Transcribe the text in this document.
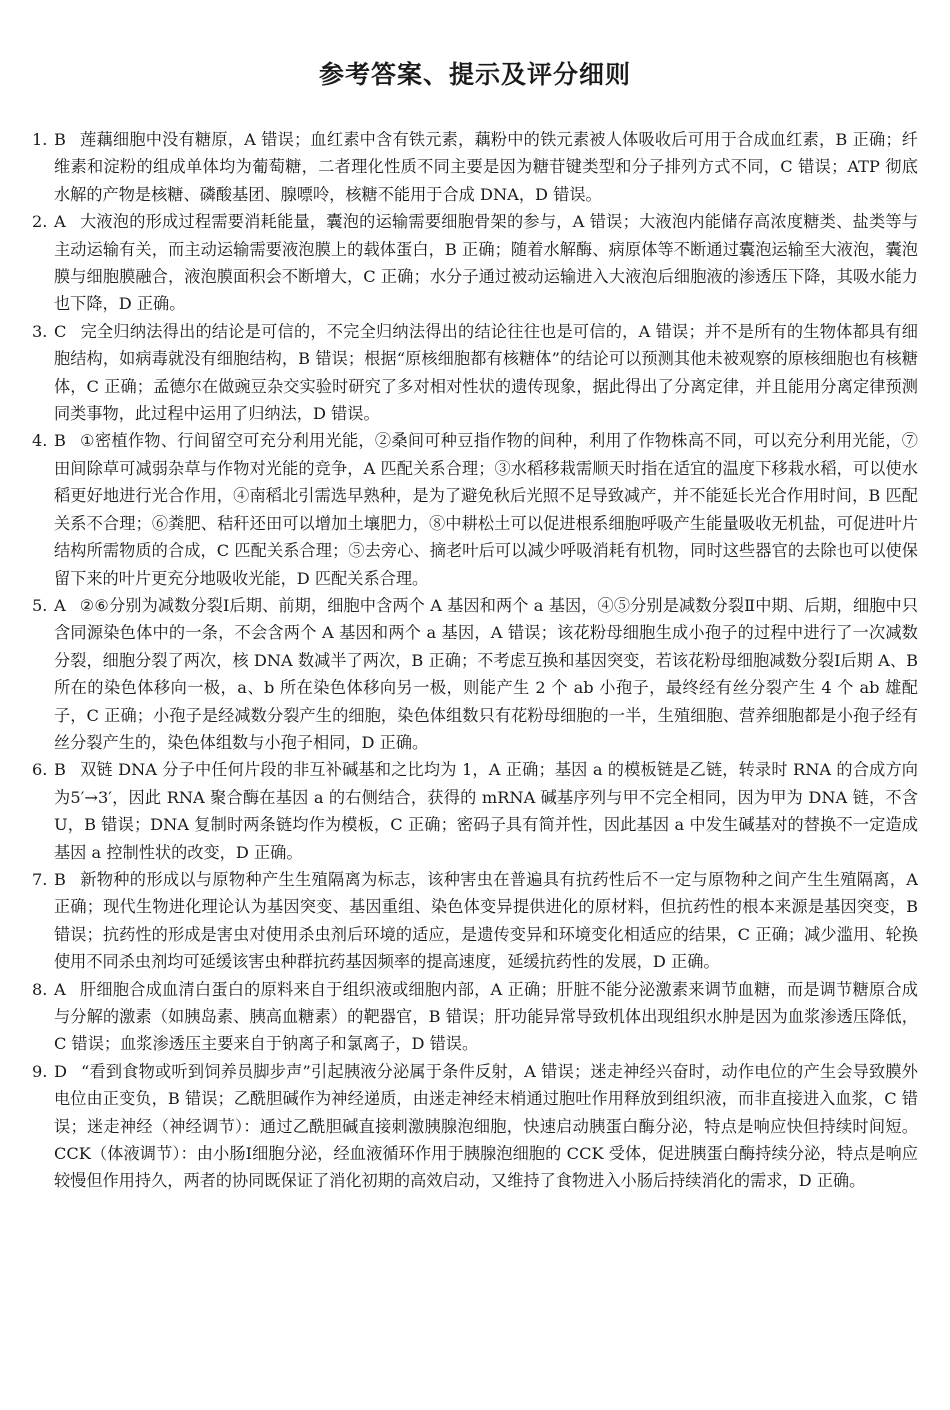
参考答案、提示及评分细则
1. B 莲藕细胞中没有糖原，A 错误；血红素中含有铁元素，藕粉中的铁元素被人体吸收后可用于合成血红素，B 正确；纤维素和淀粉的组成单体均为葡萄糖，二者理化性质不同主要是因为糖苷键类型和分子排列方式不同，C 错误；ATP 彻底水解的产物是核糖、磷酸基团、腺嘌呤，核糖不能用于合成 DNA，D 错误。
2. A 大液泡的形成过程需要消耗能量，囊泡的运输需要细胞骨架的参与，A 错误；大液泡内能储存高浓度糖类、盐类等与主动运输有关，而主动运输需要液泡膜上的载体蛋白，B 正确；随着水解酶、病原体等不断通过囊泡运输至大液泡，囊泡膜与细胞膜融合，液泡膜面积会不断增大，C 正确；水分子通过被动运输进入大液泡后细胞液的渗透压下降，其吸水能力也下降，D 正确。
3. C 完全归纳法得出的结论是可信的，不完全归纳法得出的结论往往也是可信的，A 错误；并不是所有的生物体都具有细胞结构，如病毒就没有细胞结构，B 错误；根据“原核细胞都有核糖体”的结论可以预测其他未被观察的原核细胞也有核糖体，C 正确；孟德尔在做豌豆杂交实验时研究了多对相对性状的遗传现象，据此得出了分离定律，并且能用分离定律预测同类事物，此过程中运用了归纳法，D 错误。
4. B ①密植作物、行间留空可充分利用光能，②桑间可种豆指作物的间种，利用了作物株高不同，可以充分利用光能，⑦田间除草可减弱杂草与作物对光能的竞争，A 匹配关系合理；③水稻移栽需顺天时指在适宜的温度下移栽水稻，可以使水稻更好地进行光合作用，④南稻北引需选早熟种，是为了避免秋后光照不足导致减产，并不能延长光合作用时间，B 匹配关系不合理；⑥粪肥、秸秆还田可以增加土壤肥力，⑧中耕松土可以促进根系细胞呼吸产生能量吸收无机盐，可促进叶片结构所需物质的合成，C 匹配关系合理；⑤去旁心、摘老叶后可以减少呼吸消耗有机物，同时这些器官的去除也可以使保留下来的叶片更充分地吸收光能，D 匹配关系合理。
5. A ②⑥分别为减数分裂Ⅰ后期、前期，细胞中含两个 A 基因和两个 a 基因，④⑤分别是减数分裂Ⅱ中期、后期，细胞中只含同源染色体中的一条，不会含两个 A 基因和两个 a 基因，A 错误；该花粉母细胞生成小孢子的过程中进行了一次减数分裂，细胞分裂了两次，核 DNA 数减半了两次，B 正确；不考虑互换和基因突变，若该花粉母细胞减数分裂Ⅰ后期 A、B 所在的染色体移向一极，a、b 所在染色体移向另一极，则能产生 2 个 ab 小孢子，最终经有丝分裂产生 4 个 ab 雄配子，C 正确；小孢子是经减数分裂产生的细胞，染色体组数只有花粉母细胞的一半，生殖细胞、营养细胞都是小孢子经有丝分裂产生的，染色体组数与小孢子相同，D 正确。
6. B 双链 DNA 分子中任何片段的非互补碱基和之比均为 1，A 正确；基因 a 的模板链是乙链，转录时 RNA 的合成方向为5′→3′，因此 RNA 聚合酶在基因 a 的右侧结合，获得的 mRNA 碱基序列与甲不完全相同，因为甲为 DNA 链，不含 U，B 错误；DNA 复制时两条链均作为模板，C 正确；密码子具有简并性，因此基因 a 中发生碱基对的替换不一定造成基因 a 控制性状的改变，D 正确。
7. B 新物种的形成以与原物种产生生殖隔离为标志，该种害虫在普遍具有抗药性后不一定与原物种之间产生生殖隔离，A 正确；现代生物进化理论认为基因突变、基因重组、染色体变异提供进化的原材料，但抗药性的根本来源是基因突变，B 错误；抗药性的形成是害虫对使用杀虫剂后环境的适应，是遗传变异和环境变化相适应的结果，C 正确；减少滥用、轮换使用不同杀虫剂均可延缓该害虫种群抗药基因频率的提高速度，延缓抗药性的发展，D 正确。
8. A 肝细胞合成血清白蛋白的原料来自于组织液或细胞内部，A 正确；肝脏不能分泌激素来调节血糖，而是调节糖原合成与分解的激素（如胰岛素、胰高血糖素）的靶器官，B 错误；肝功能异常导致机体出现组织水肿是因为血浆渗透压降低，C 错误；血浆渗透压主要来自于钠离子和氯离子，D 错误。
9. D “看到食物或听到饲养员脚步声”引起胰液分泌属于条件反射，A 错误；迷走神经兴奋时，动作电位的产生会导致膜外电位由正变负，B 错误；乙酰胆碱作为神经递质，由迷走神经末梢通过胞吐作用释放到组织液，而非直接进入血浆，C 错误；迷走神经（神经调节）：通过乙酰胆碱直接刺激胰腺泡细胞，快速启动胰蛋白酶分泌，特点是响应快但持续时间短。CCK（体液调节）：由小肠Ⅰ细胞分泌，经血液循环作用于胰腺泡细胞的 CCK 受体，促进胰蛋白酶持续分泌，特点是响应较慢但作用持久，两者的协同既保证了消化初期的高效启动，又维持了食物进入小肠后持续消化的需求，D 正确。
